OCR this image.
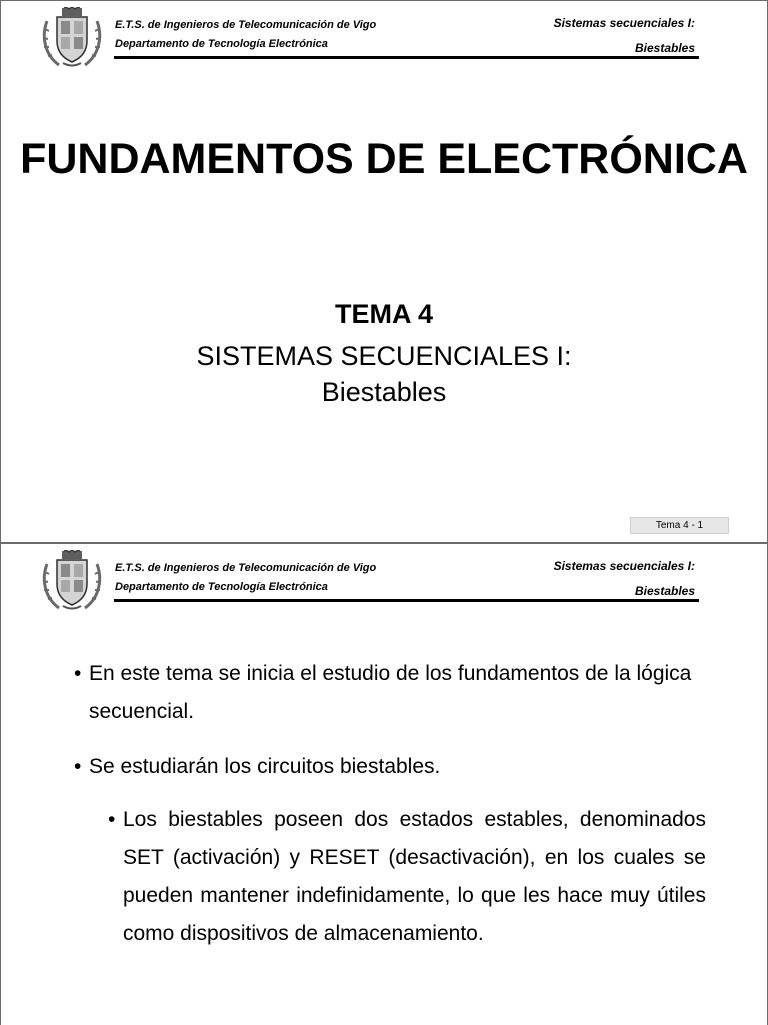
E.T.S. de Ingenieros de Telecomunicación de Vigo
Departamento de Tecnología Electrónica
Sistemas secuenciales I:
Biestables
FUNDAMENTOS DE ELECTRÓNICA
TEMA 4
SISTEMAS SECUENCIALES I:
Biestables
Tema 4 - 1
E.T.S. de Ingenieros de Telecomunicación de Vigo
Departamento de Tecnología Electrónica
Sistemas secuenciales I:
Biestables

• En este tema se inicia el estudio de los fundamentos de la lógica secuencial.

• Se estudiarán los circuitos biestables.

• Los biestables poseen dos estados estables, denominados SET (activación) y RESET (desactivación), en los cuales se pueden mantener indefinidamente, lo que les hace muy útiles como dispositivos de almacenamiento.
